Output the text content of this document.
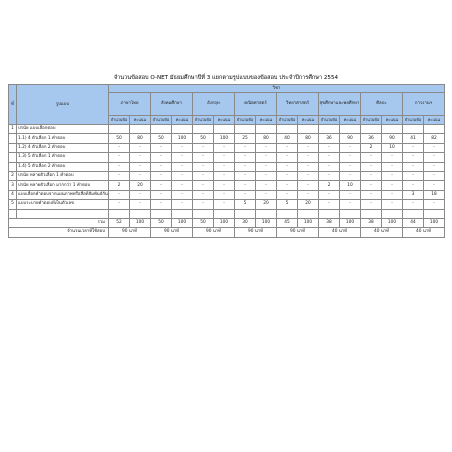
จำนวนข้อสอบ O-NET มัธยมศึกษาปีที่ 3 แยกตามรูปแบบของข้อสอบ ประจำปีการศึกษา 2554
ที่	รูปแบบ	วิชา															
		ภาษาไทย		สังคมศึกษา		อังกฤษ		คณิตศาสตร์		วิทยาศาสตร์		สุขศึกษาและพลศึกษา		ศิลปะ		การงานฯ	
		จำนวนข้อ	คะแนน	จำนวนข้อ	คะแนน	จำนวนข้อ	คะแนน	จำนวนข้อ	คะแนน	จำนวนข้อ	คะแนน	จำนวนข้อ	คะแนน	จำนวนข้อ	คะแนน	จำนวนข้อ	คะแนน
1	ปรนัย แบบเลือกตอบ																
	1.1) 4 ตัวเลือก 1 คำตอบ	50	80	50	100	50	100	25	80	40	80	36	90	36	90	41	82
	1.2) 4 ตัวเลือก 2 คำตอบ	-	-	-	-	-	-	-	-	-	-	-	-	2	10	-	-
	1.3) 5 ตัวเลือก 1 คำตอบ	-	-	-	-	-	-	-	-	-	-	-	-	-	-	-	-
	1.4) 5 ตัวเลือก 2 คำตอบ	-	-	-	-	-	-	-	-	-	-	-	-	-	-	-	-
2	ปรนัย หลายตัวเลือก 1 คำตอบ	-	-	-	-	-	-	-	-	-	-	-	-	-	-	-	-
3	ปรนัย หลายตัวเลือก มากกว่า 1 คำตอบ	2	20	-	-	-	-	-	-	-	-	2	10	-	-	-	-
4	แบบเลือกคำตอบจากแผนภาพหรือสื่อที่สัมพันธ์กัน	-	-	-	-	-	-	-	-	-	-	-	-	-	-	3	18
5	แบบระบายคำตอบที่เป็นตัวเลข	-	-	-	-	-	-	5	20	5	20	-	-	-	-	-	-

รวม		52	100	50	100	50	100	30	100	45	100	38	100	38	100	44	100
จำนวนเวลาที่ใช้สอบ		90 นาที		90 นาที		90 นาที		90 นาที		90 นาที		40 นาที		40 นาที		40 นาที	
